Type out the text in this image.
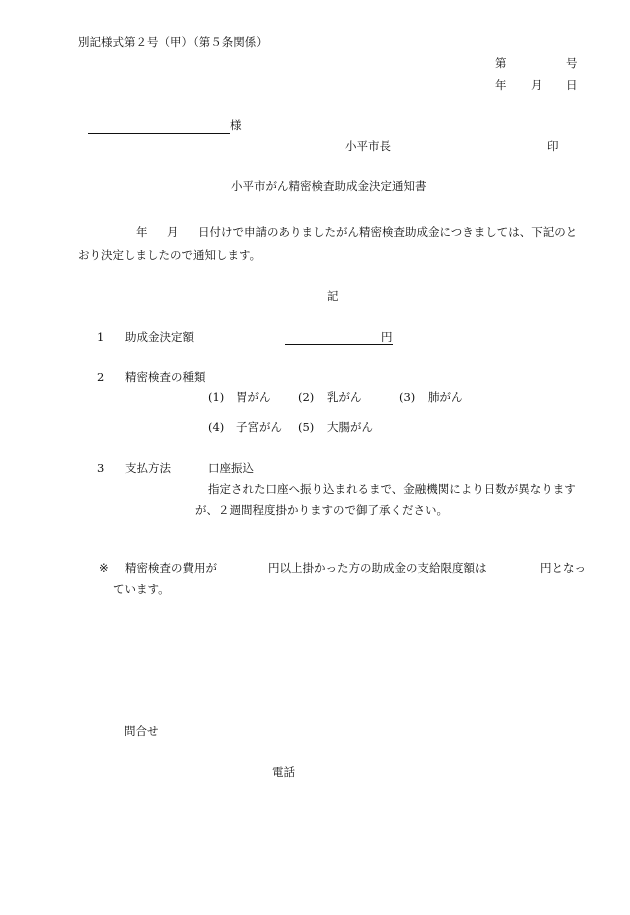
別記様式第２号（甲）（第５条関係）
第	号
年 月 日
様
小平市長	印
小平市がん精密検査助成金決定通知書
年 月 日付けで申請のありましたがん精密検査助成金につきましては、下記のと
おり決定しましたので通知します。
記
1 助成金決定額	円
2 精密検査の種類
(1) 胃がん (2) 乳がん	(3) 肺がん
(4) 子宮がん (5) 大腸がん
3 支払方法	口座振込
指定された口座へ振り込まれるまで、金融機関により日数が異なります
が、２週間程度掛かりますので御了承ください。
※ 精密検査の費用が	円以上掛かった方の助成金の支給限度額は	円となっ
ています。
問合せ
電話
